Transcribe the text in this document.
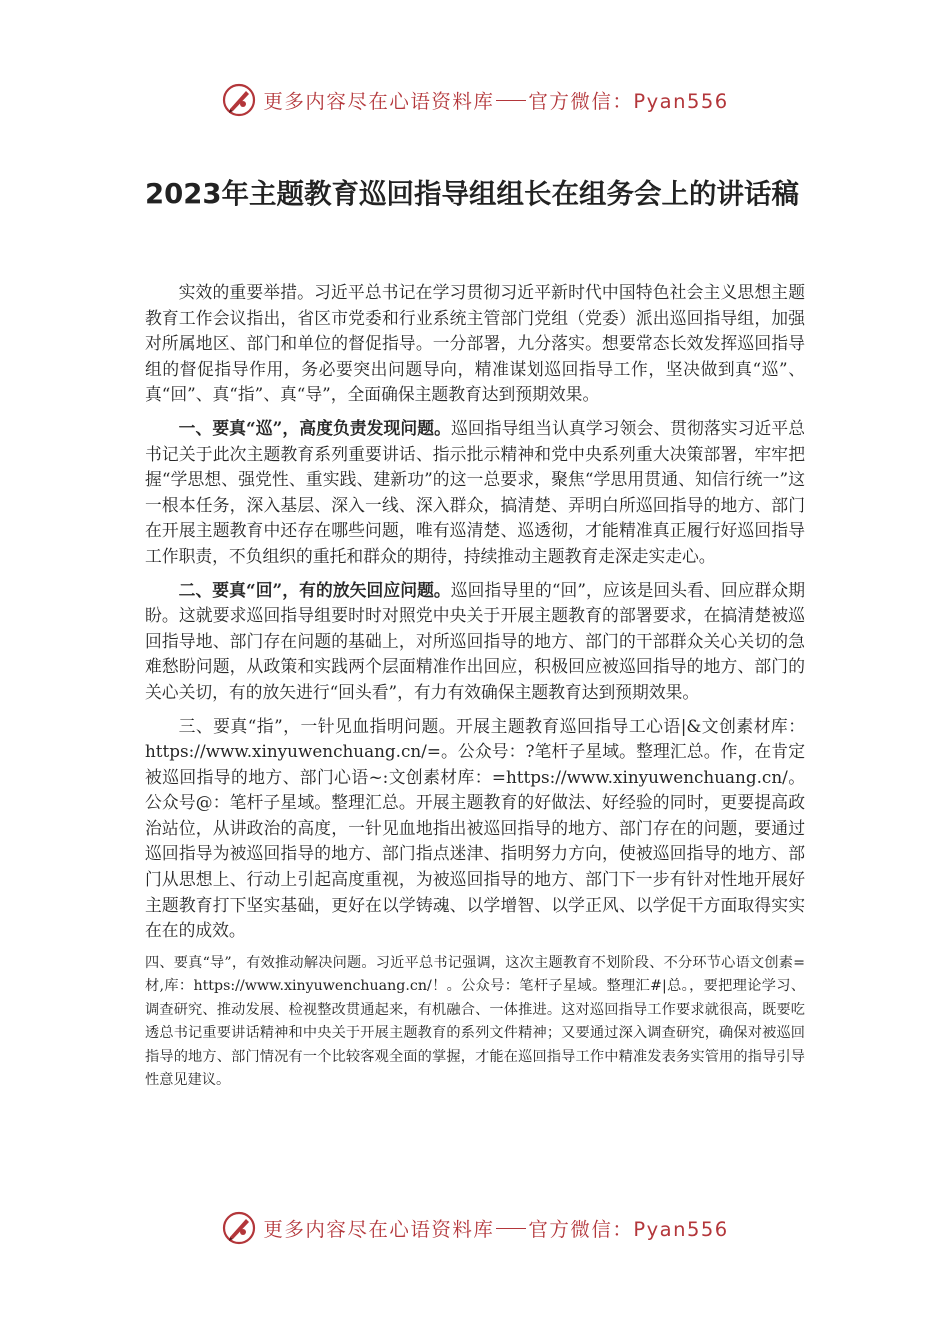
更多内容尽在心语资料库 官方微信：Pyan556
2023年主题教育巡回指导组组长在组务会上的讲话稿

实效的重要举措。习近平总书记在学习贯彻习近平新时代中国特色社会主义思想主题教育工作会议指出，省区市党委和行业系统主管部门党组（党委）派出巡回指导组，加强对所属地区、部门和单位的督促指导。一分部署，九分落实。想要常态长效发挥巡回指导组的督促指导作用，务必要突出问题导向，精准谋划巡回指导工作，坚决做到真“巡”、真“回”、真“指”、真“导”，全面确保主题教育达到预期效果。

一、要真“巡”，高度负责发现问题。巡回指导组当认真学习领会、贯彻落实习近平总书记关于此次主题教育系列重要讲话、指示批示精神和党中央系列重大决策部署，牢牢把握“学思想、强党性、重实践、建新功”的这一总要求，聚焦“学思用贯通、知信行统一”这一根本任务，深入基层、深入一线、深入群众，搞清楚、弄明白所巡回指导的地方、部门在开展主题教育中还存在哪些问题，唯有巡清楚、巡透彻，才能精准真正履行好巡回指导工作职责，不负组织的重托和群众的期待，持续推动主题教育走深走实走心。

二、要真“回”，有的放矢回应问题。巡回指导里的“回”，应该是回头看、回应群众期盼。这就要求巡回指导组要时时对照党中央关于开展主题教育的部署要求，在搞清楚被巡回指导地、部门存在问题的基础上，对所巡回指导的地方、部门的干部群众关心关切的急难愁盼问题，从政策和实践两个层面精准作出回应，积极回应被巡回指导的地方、部门的关心关切，有的放矢进行“回头看”，有力有效确保主题教育达到预期效果。

三、要真“指”，一针见血指明问题。开展主题教育巡回指导工心语|&文创素材库：https://www.xinyuwenchuang.cn/=。公众号：?笔杆子星域。整理汇总。作，在肯定被巡回指导的地方、部门心语~:文创素材库：=https://www.xinyuwenchuang.cn/。公众号@：笔杆子星域。整理汇总。开展主题教育的好做法、好经验的同时，更要提高政治站位，从讲政治的高度，一针见血地指出被巡回指导的地方、部门存在的问题，要通过巡回指导为被巡回指导的地方、部门指点迷津、指明努力方向，使被巡回指导的地方、部门从思想上、行动上引起高度重视，为被巡回指导的地方、部门下一步有针对性地开展好主题教育打下坚实基础，更好在以学铸魂、以学增智、以学正风、以学促干方面取得实实在在的成效。

四、要真“导”，有效推动解决问题。习近平总书记强调，这次主题教育不划阶段、不分环节心语文创素=材,库：https://www.xinyuwenchuang.cn/！。公众号：笔杆子星域。整理汇#|总。，要把理论学习、调查研究、推动发展、检视整改贯通起来，有机融合、一体推进。这对巡回指导工作要求就很高，既要吃透总书记重要讲话精神和中央关于开展主题教育的系列文件精神；又要通过深入调查研究，确保对被巡回指导的地方、部门情况有一个比较客观全面的掌握，才能在巡回指导工作中精准发表务实管用的指导引导性意见建议。

更多内容尽在心语资料库 官方微信：Pyan556
